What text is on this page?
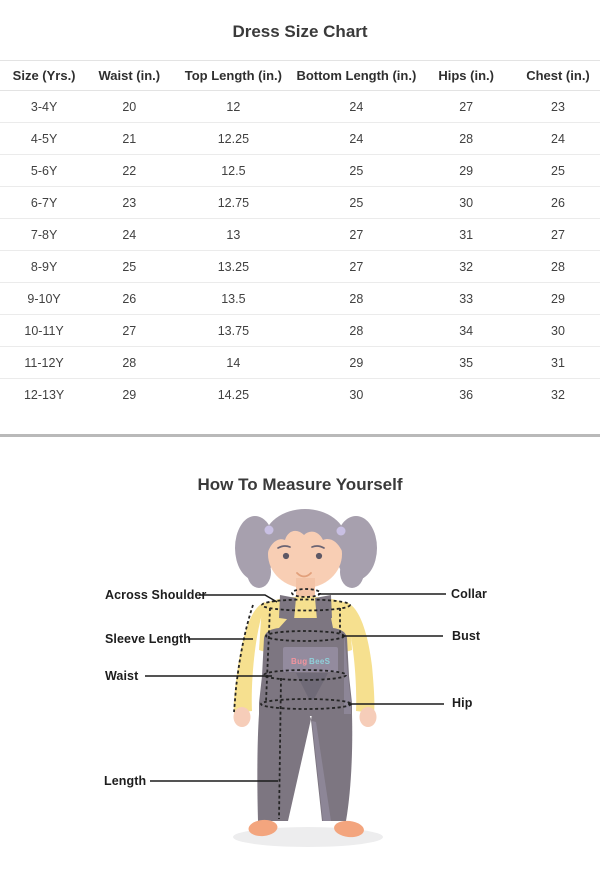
Dress Size Chart
Size (Yrs.)	Waist (in.)	Top Length (in.)	Bottom Length (in.)	Hips (in.)	Chest (in.)
3-4Y	20	12	24	27	23
4-5Y	21	12.25	24	28	24
5-6Y	22	12.5	25	29	25
6-7Y	23	12.75	25	30	26
7-8Y	24	13	27	31	27
8-9Y	25	13.25	27	32	28
9-10Y	26	13.5	28	33	29
10-11Y	27	13.75	28	34	30
11-12Y	28	14	29	35	31
12-13Y	29	14.25	30	36	32
How To Measure Yourself
Bug BeeS
Across Shoulder
Sleeve Length
Waist
Length
Collar
Bust
Hip
